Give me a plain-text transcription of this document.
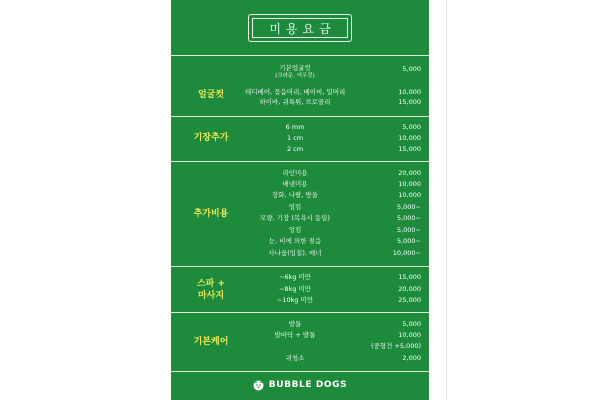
미용요금
얼굴컷
기본얼굴컷
(크라운, 여우컷)
5,000
테디베어, 묶음머리, 베이비, 밀머리	10,000
하이바, 귀툭튀, 브로콜리	15,000
기장추가
6 mm	5,000
1 cm	10,000
2 cm	15,000
추가비용
라인미용	20,000
배냇미용	10,000
장화, 나팔, 방울	10,000
엉킴	5,000~
모량, 기장 (목욕시 동일)	5,000~
엉킴	5,000~
눈, 비에 의한 젖음	5,000~
사나움(입질), 매너	10,000~
스파 +
마사지
~6kg 미만	15,000
~8kg 미만	20,000
~10kg 미만	25,000
기본케어
발톱	5,000
발바닥 + 발톱	10,000
(중형견 +5,000)
귀청소	2,000
BUBBLE DOGS
